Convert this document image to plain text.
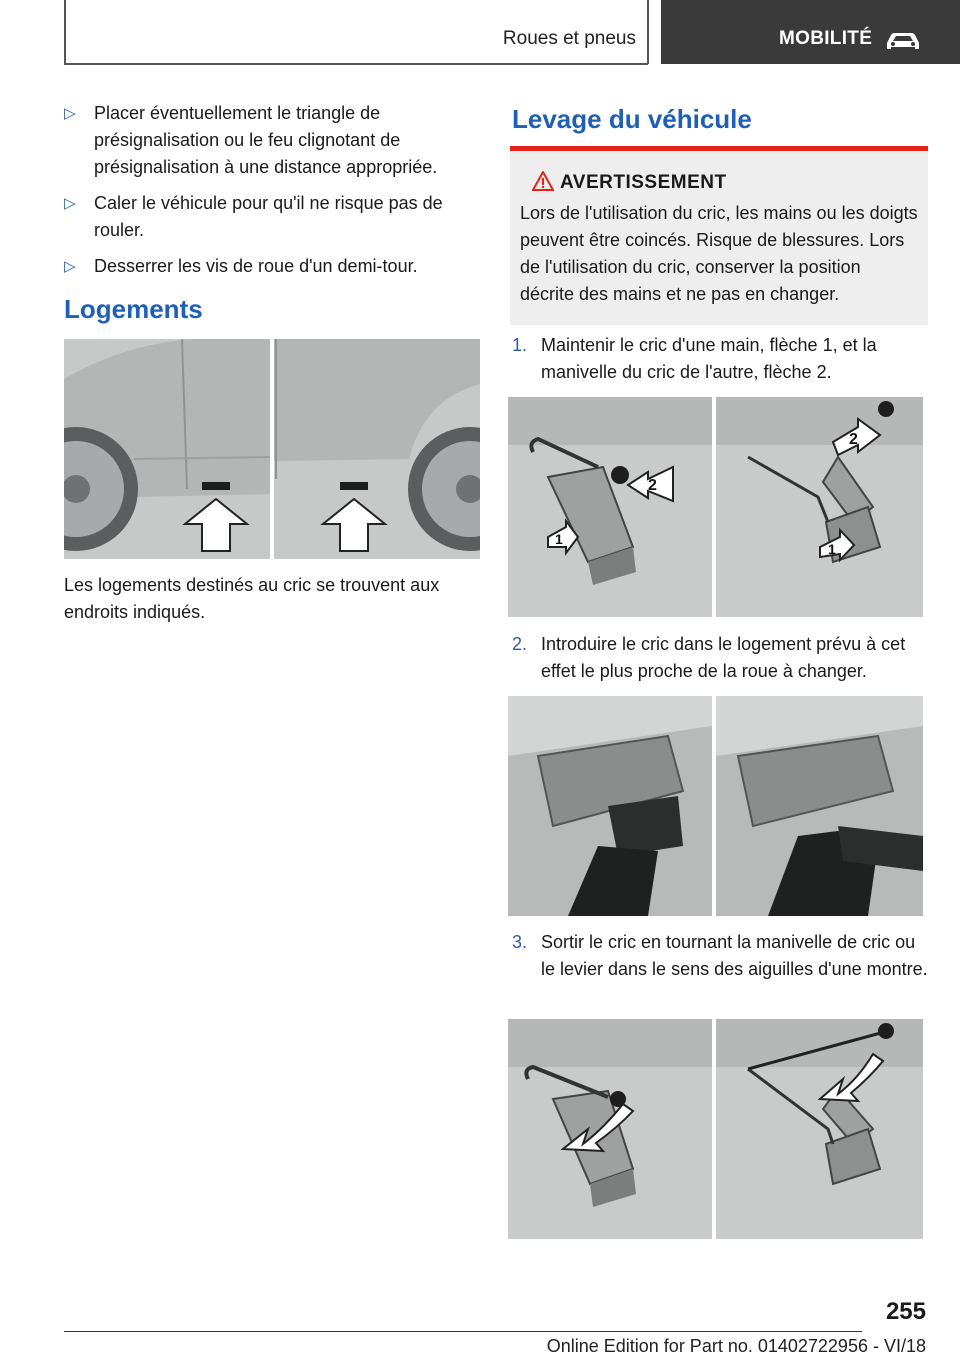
Roues et pneus	MOBILITÉ
▷ Placer éventuellement le triangle de présignalisation ou le feu clignotant de présignalisation à une distance appropriée.
▷ Caler le véhicule pour qu'il ne risque pas de rouler.
▷ Desserrer les vis de roue d'un demi-tour.
Logements
Les logements destinés au cric se trouvent aux endroits indiqués.
Levage du véhicule
AVERTISSEMENT
Lors de l'utilisation du cric, les mains ou les doigts peuvent être coincés. Risque de blessures. Lors de l'utilisation du cric, conserver la position décrite des mains et ne pas en changer.
1. Maintenir le cric d'une main, flèche 1, et la manivelle du cric de l'autre, flèche 2.
1
2
2
1
2. Introduire le cric dans le logement prévu à cet effet le plus proche de la roue à changer.
3. Sortir le cric en tournant la manivelle de cric ou le levier dans le sens des aiguilles d'une montre.
255
Online Edition for Part no. 01402722956 - VI/18
